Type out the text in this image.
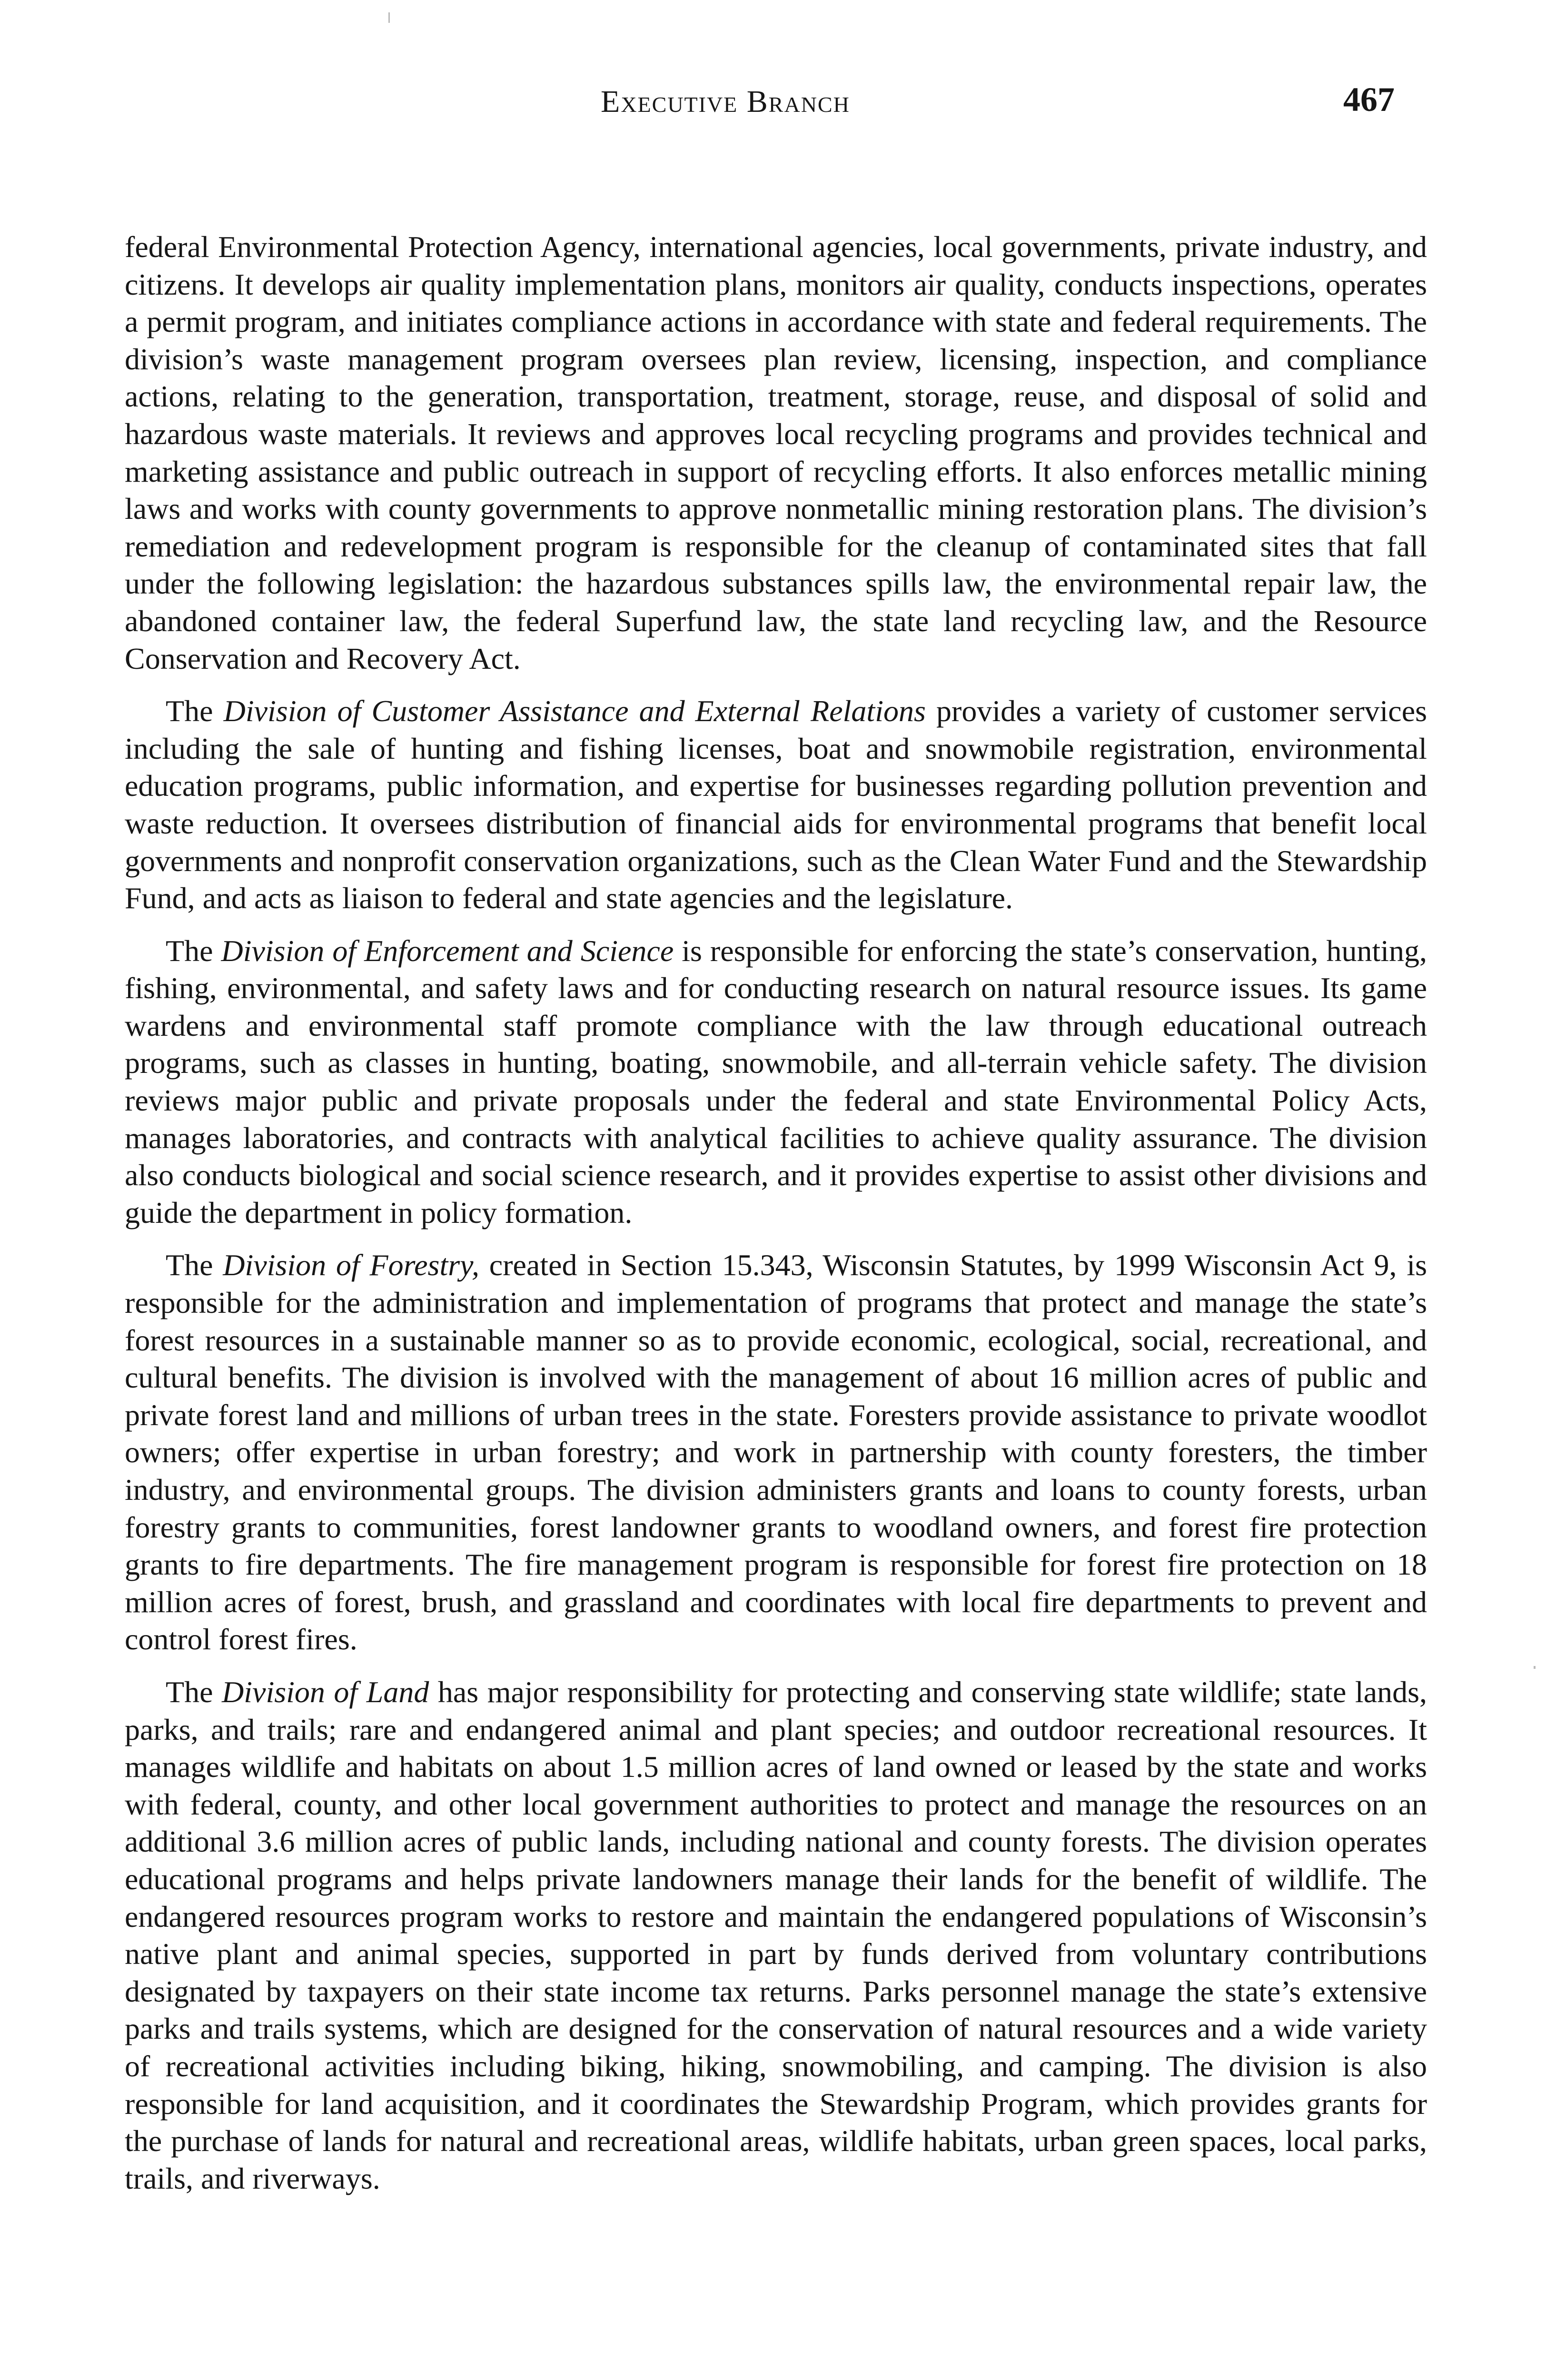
Executive Branch	467

federal Environmental Protection Agency, international agencies, local governments, private industry, and citizens. It develops air quality implementation plans, monitors air quality, conducts inspections, operates a permit program, and initiates compliance actions in accordance with state and federal requirements. The division’s waste management program oversees plan review, licensing, inspection, and compliance actions, relating to the generation, transportation, treatment, storage, reuse, and disposal of solid and hazardous waste materials. It reviews and approves local recycling programs and provides technical and marketing assistance and public outreach in support of recycling efforts. It also enforces metallic mining laws and works with county governments to approve nonmetallic mining restoration plans. The division’s remediation and redevelopment program is responsible for the cleanup of contaminated sites that fall under the following legislation: the hazardous substances spills law, the environmental repair law, the abandoned container law, the federal Superfund law, the state land recycling law, and the Resource Conservation and Recovery Act.

The Division of Customer Assistance and External Relations provides a variety of customer services including the sale of hunting and fishing licenses, boat and snowmobile registration, environmental education programs, public information, and expertise for businesses regarding pollution prevention and waste reduction. It oversees distribution of financial aids for environmental programs that benefit local governments and nonprofit conservation organizations, such as the Clean Water Fund and the Stewardship Fund, and acts as liaison to federal and state agencies and the legislature.

The Division of Enforcement and Science is responsible for enforcing the state’s conservation, hunting, fishing, environmental, and safety laws and for conducting research on natural resource issues. Its game wardens and environmental staff promote compliance with the law through educational outreach programs, such as classes in hunting, boating, snowmobile, and all-terrain vehicle safety. The division reviews major public and private proposals under the federal and state Environmental Policy Acts, manages laboratories, and contracts with analytical facilities to achieve quality assurance. The division also conducts biological and social science research, and it provides expertise to assist other divisions and guide the department in policy formation.

The Division of Forestry, created in Section 15.343, Wisconsin Statutes, by 1999 Wisconsin Act 9, is responsible for the administration and implementation of programs that protect and manage the state’s forest resources in a sustainable manner so as to provide economic, ecological, social, recreational, and cultural benefits. The division is involved with the management of about 16 million acres of public and private forest land and millions of urban trees in the state. Foresters provide assistance to private woodlot owners; offer expertise in urban forestry; and work in partnership with county foresters, the timber industry, and environmental groups. The division administers grants and loans to county forests, urban forestry grants to communities, forest landowner grants to woodland owners, and forest fire protection grants to fire departments. The fire management program is responsible for forest fire protection on 18 million acres of forest, brush, and grassland and coordinates with local fire departments to prevent and control forest fires.

The Division of Land has major responsibility for protecting and conserving state wildlife; state lands, parks, and trails; rare and endangered animal and plant species; and outdoor recreational resources. It manages wildlife and habitats on about 1.5 million acres of land owned or leased by the state and works with federal, county, and other local government authorities to protect and manage the resources on an additional 3.6 million acres of public lands, including national and county forests. The division operates educational programs and helps private landowners manage their lands for the benefit of wildlife. The endangered resources program works to restore and maintain the endangered populations of Wisconsin’s native plant and animal species, supported in part by funds derived from voluntary contributions designated by taxpayers on their state income tax returns. Parks personnel manage the state’s extensive parks and trails systems, which are designed for the conservation of natural resources and a wide variety of recreational activities including biking, hiking, snowmobiling, and camping. The division is also responsible for land acquisition, and it coordinates the Stewardship Program, which provides grants for the purchase of lands for natural and recreational areas, wildlife habitats, urban green spaces, local parks, trails, and riverways.
